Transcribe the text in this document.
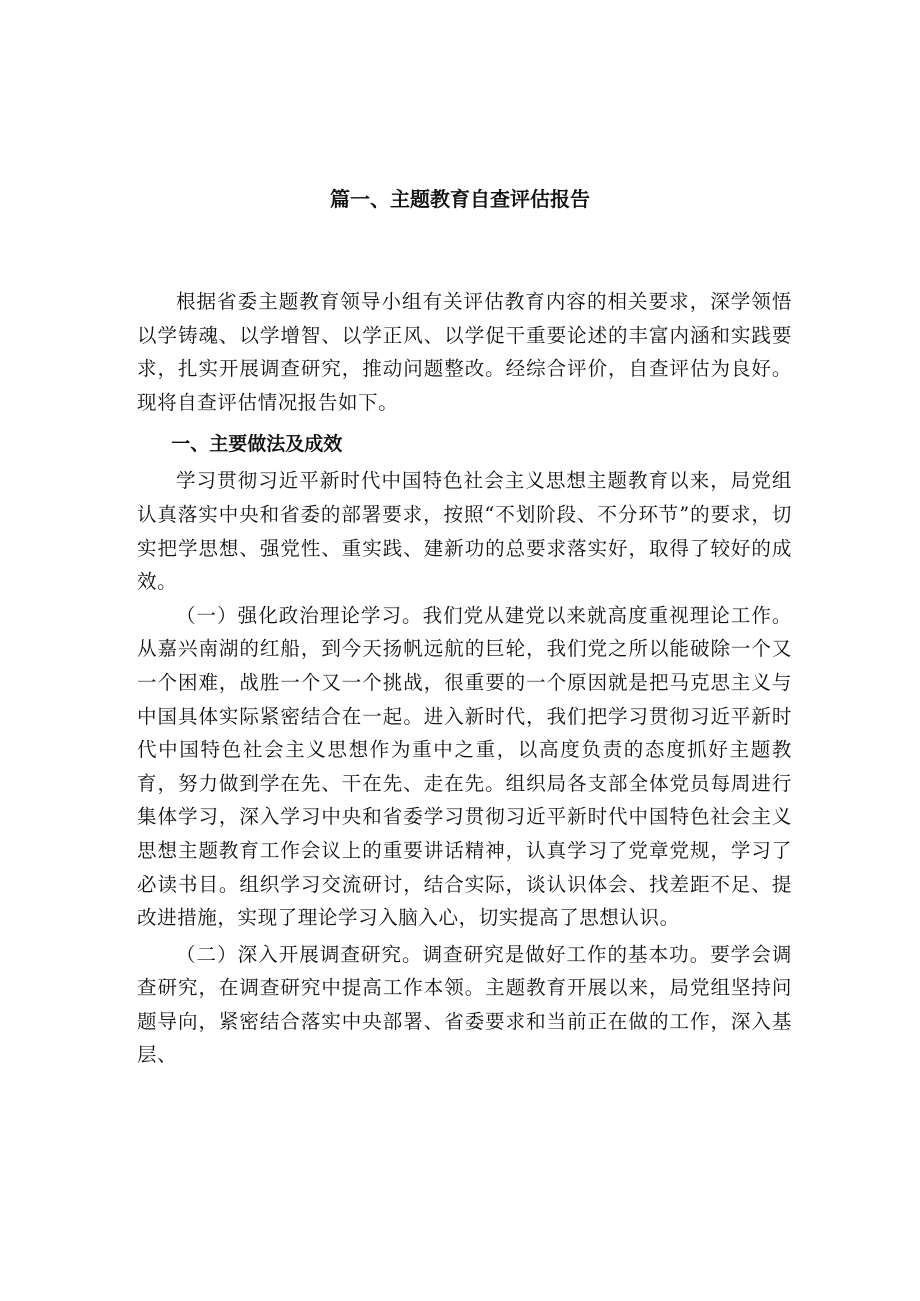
篇一、主题教育自查评估报告

根据省委主题教育领导小组有关评估教育内容的相关要求，深学领悟以学铸魂、以学增智、以学正风、以学促干重要论述的丰富内涵和实践要求，扎实开展调查研究，推动问题整改。经综合评价，自查评估为良好。现将自查评估情况报告如下。

一、主要做法及成效

学习贯彻习近平新时代中国特色社会主义思想主题教育以来，局党组认真落实中央和省委的部署要求，按照“不划阶段、不分环节”的要求，切实把学思想、强党性、重实践、建新功的总要求落实好，取得了较好的成效。

（一）强化政治理论学习。我们党从建党以来就高度重视理论工作。从嘉兴南湖的红船，到今天扬帆远航的巨轮，我们党之所以能破除一个又一个困难，战胜一个又一个挑战，很重要的一个原因就是把马克思主义与中国具体实际紧密结合在一起。进入新时代，我们把学习贯彻习近平新时代中国特色社会主义思想作为重中之重，以高度负责的态度抓好主题教育，努力做到学在先、干在先、走在先。组织局各支部全体党员每周进行集体学习，深入学习中央和省委学习贯彻习近平新时代中国特色社会主义思想主题教育工作会议上的重要讲话精神，认真学习了党章党规，学习了必读书目。组织学习交流研讨，结合实际，谈认识体会、找差距不足、提改进措施，实现了理论学习入脑入心，切实提高了思想认识。

（二）深入开展调查研究。调查研究是做好工作的基本功。要学会调查研究，在调查研究中提高工作本领。主题教育开展以来，局党组坚持问题导向，紧密结合落实中央部署、省委要求和当前正在做的工作，深入基层、
